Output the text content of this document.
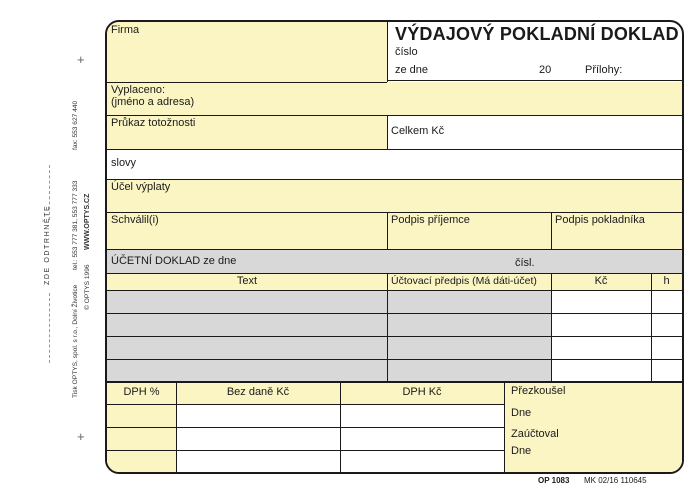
+
+
ZDE ODTRHNĚTE
Tisk OPTYS, spol. s r.o., Dolní Životice
tel.: 553 777 381, 553 777 333
fax: 553 627 440
© OPTYS 1996
WWW.OPTYS.CZ
Firma	VÝDAJOVÝ POKLADNÍ DOKLAD
číslo
ze dne	20	Přílohy:
Vyplaceno:
(jméno a adresa)
Průkaz totožnosti
Celkem Kč
slovy
Účel výplaty
Schválil(i)	Podpis příjemce	Podpis pokladníka
ÚČETNÍ DOKLAD ze dne	čísl.
Text	Účtovací předpis (Má dáti-účet)	Kč	h
DPH %	Bez daně Kč	DPH Kč	Přezkoušel
Dne
Zaúčtoval
Dne
OP 1083 MK 02/16 110645
